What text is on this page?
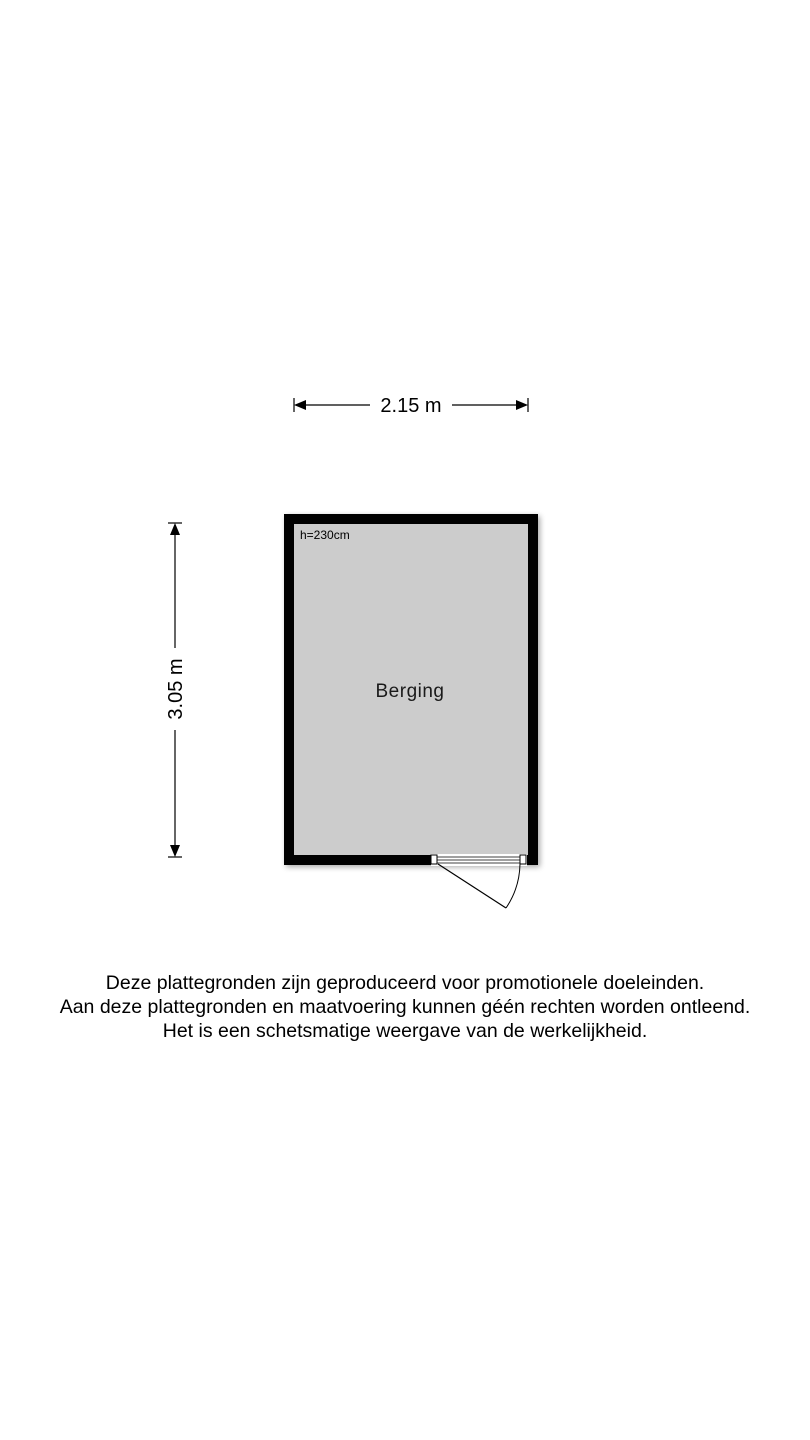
2.15 m
3.05 m
h=230cm
Berging
Deze plattegronden zijn geproduceerd voor promotionele doeleinden.
Aan deze plattegronden en maatvoering kunnen géén rechten worden ontleend.
Het is een schetsmatige weergave van de werkelijkheid.
